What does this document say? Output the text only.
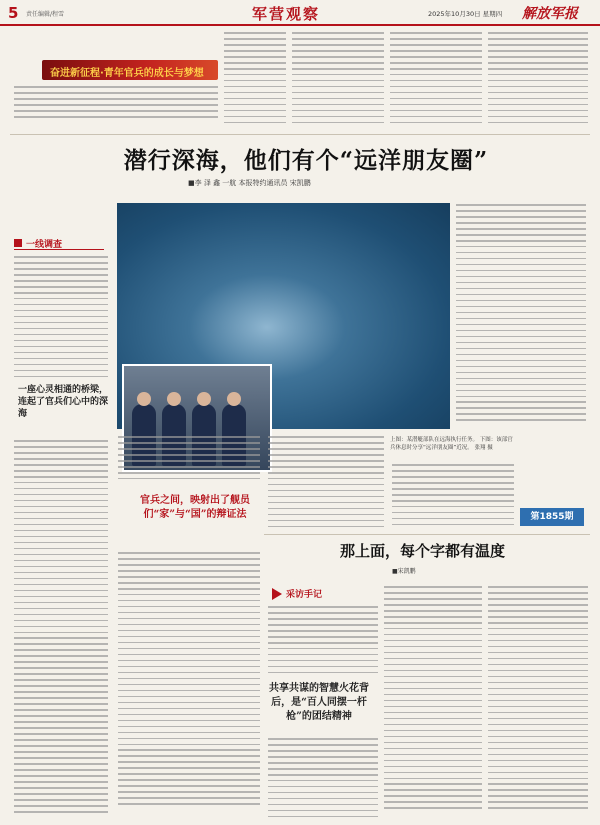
5 责任编辑/程雪	军营观察	2025年10月30日 星期四 解放军报
奋进新征程·青年官兵的成长与梦想
潜行深海，他们有个“远洋朋友圈”
■李 泽 鑫 一航 本报特约通讯员 宋凯鹏
一线调查
一座心灵相通的桥梁，连起了官兵们心中的深海
上图：某潜艇部队在远海执行任务。 下图：该部官兵休息时分享“远洋朋友圈”近况。 张翔 摄
官兵之间，映射出了舰员们“家”与“国”的辩证法	第1855期
那上面，每个字都有温度
■宋凯鹏
采访手记
共享共谋的智慧火花背后，是“百人同摆一杆枪”的团结精神
